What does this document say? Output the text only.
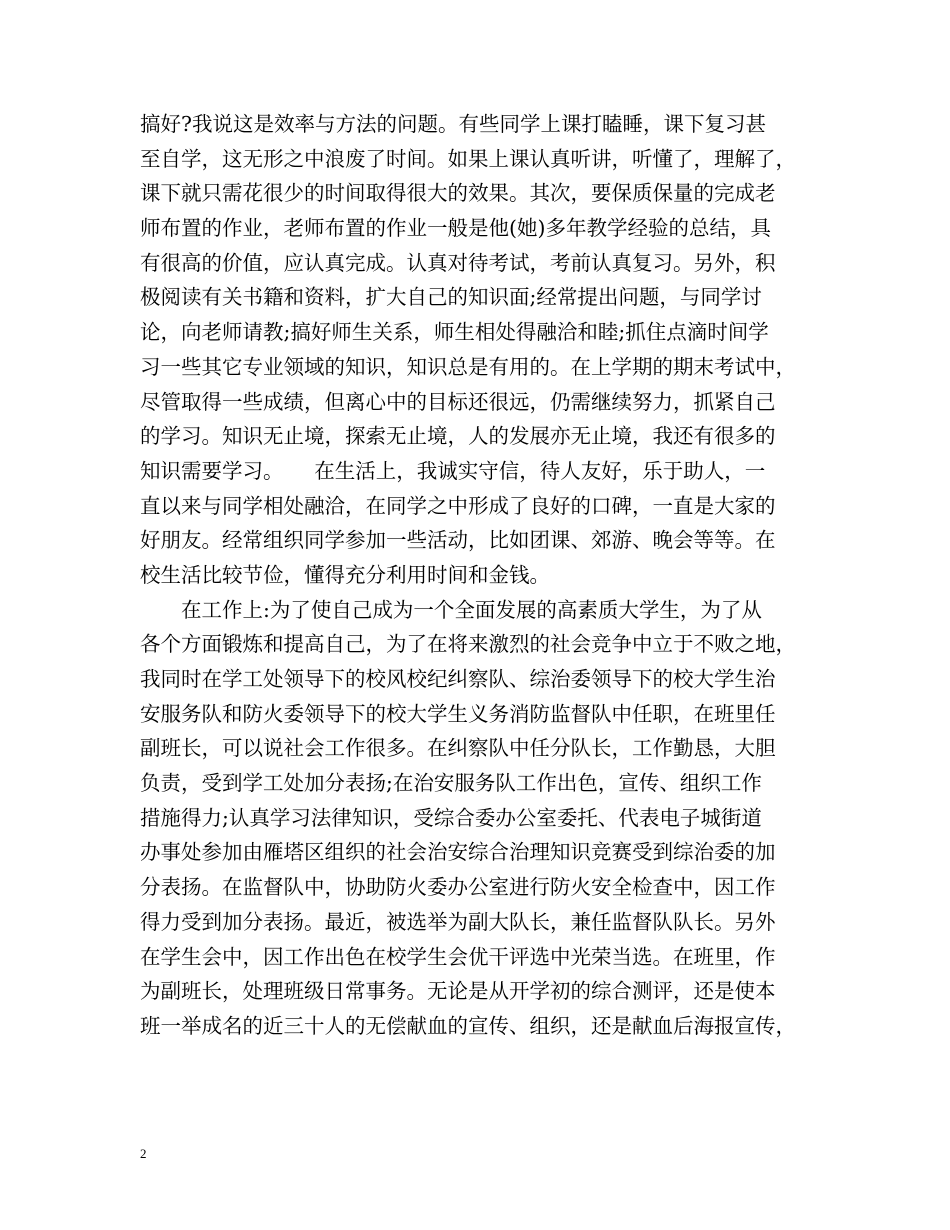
搞好?我说这是效率与方法的问题。有些同学上课打瞌睡，课下复习甚
至自学，这无形之中浪废了时间。如果上课认真听讲，听懂了，理解了，
课下就只需花很少的时间取得很大的效果。其次，要保质保量的完成老
师布置的作业，老师布置的作业一般是他(她)多年教学经验的总结，具
有很高的价值，应认真完成。认真对待考试，考前认真复习。另外，积
极阅读有关书籍和资料，扩大自己的知识面;经常提出问题，与同学讨
论，向老师请教;搞好师生关系，师生相处得融洽和睦;抓住点滴时间学
习一些其它专业领域的知识，知识总是有用的。在上学期的期末考试中，
尽管取得一些成绩，但离心中的目标还很远，仍需继续努力，抓紧自己
的学习。知识无止境，探索无止境，人的发展亦无止境，我还有很多的
知识需要学习。　　在生活上，我诚实守信，待人友好，乐于助人，一
直以来与同学相处融洽，在同学之中形成了良好的口碑，一直是大家的
好朋友。经常组织同学参加一些活动，比如团课、郊游、晚会等等。在
校生活比较节俭，懂得充分利用时间和金钱。
　　在工作上:为了使自己成为一个全面发展的高素质大学生，为了从
各个方面锻炼和提高自己，为了在将来激烈的社会竞争中立于不败之地，
我同时在学工处领导下的校风校纪纠察队、综治委领导下的校大学生治
安服务队和防火委领导下的校大学生义务消防监督队中任职，在班里任
副班长，可以说社会工作很多。在纠察队中任分队长，工作勤恳，大胆
负责，受到学工处加分表扬;在治安服务队工作出色，宣传、组织工作
措施得力;认真学习法律知识，受综合委办公室委托、代表电子城街道
办事处参加由雁塔区组织的社会治安综合治理知识竞赛受到综治委的加
分表扬。在监督队中，协助防火委办公室进行防火安全检查中，因工作
得力受到加分表扬。最近，被选举为副大队长，兼任监督队队长。另外
在学生会中，因工作出色在校学生会优干评选中光荣当选。在班里，作
为副班长，处理班级日常事务。无论是从开学初的综合测评，还是使本
班一举成名的近三十人的无偿献血的宣传、组织，还是献血后海报宣传，
2
